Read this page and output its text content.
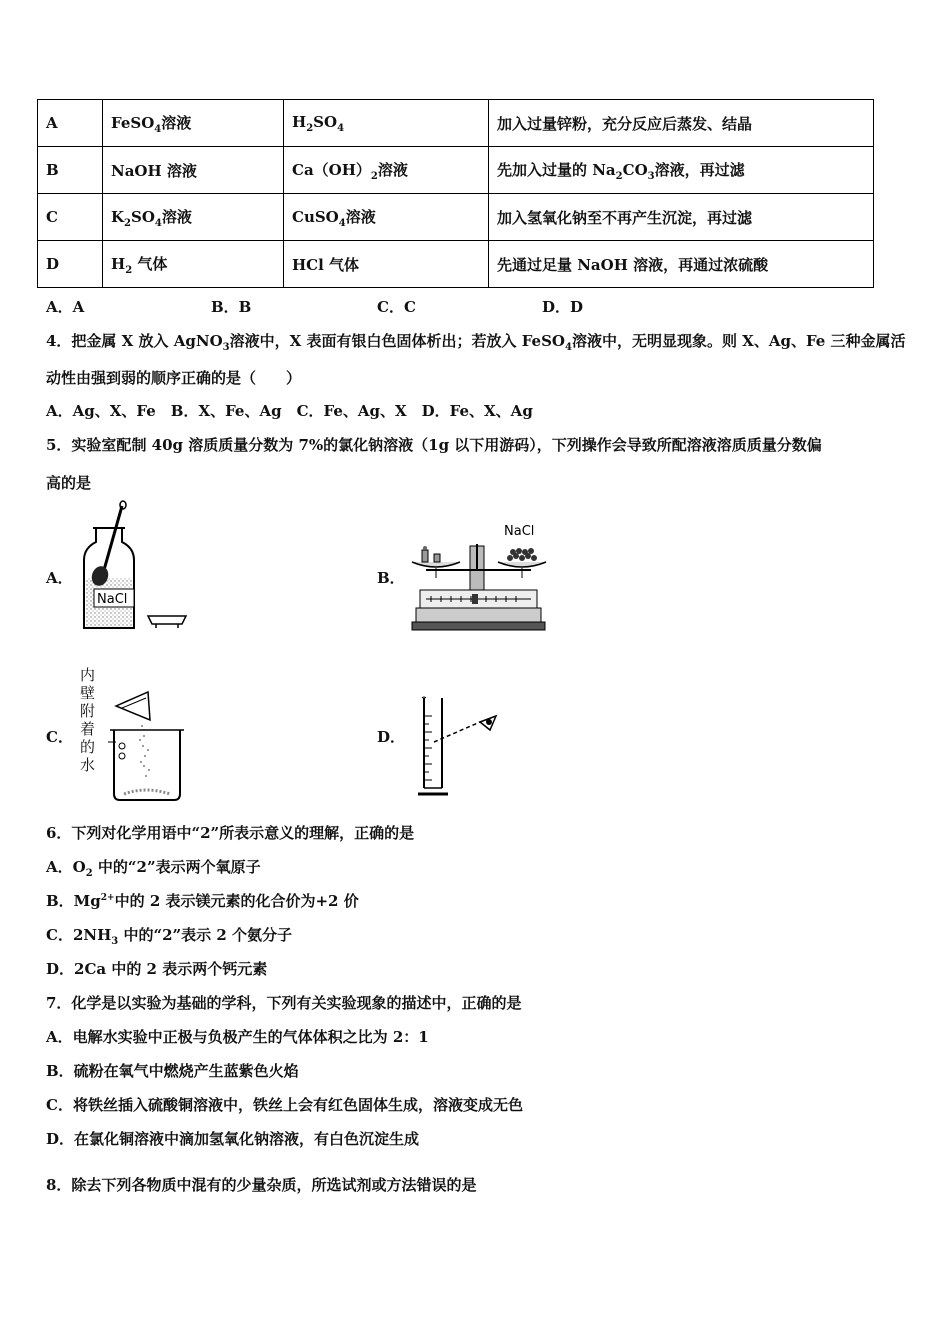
A	FeSO$_4$溶液	$H_2SO_4$	加入过量锌粉，充分反应后蒸发、结晶
B	NaOH 溶液	$Ca(OH)_2$溶液	先加入过量的 $Na_2CO_3$溶液，再过滤
C	$K_2SO_4$溶液	CuSO$_4$溶液	加入氢氧化钠至不再产生沉淀，再过滤
D	$H_2$ 气体	HCl 气体	先通过足量 NaOH 溶液，再通过浓硫酸
A．A	B．B	C．C	D．D
4．把金属 X 放入 AgNO$_3$溶液中，X 表面有银白色固体析出；若放入 FeSO$_4$溶液中，无明显现象。则 X、Ag、Fe 三种金属活
动性由强到弱的顺序正确的是（　　）
A．Ag、X、Fe　B．X、Fe、Ag　C．Fe、Ag、X　D．Fe、X、Ag
5．实验室配制 40g 溶质质量分数为 7%的氯化钠溶液（1g 以下用游码），下列操作会导致所配溶液溶质质量分数偏
高的是
A．	B．
C．	D．
NaCl
NaCl
内
壁
附
着
的
水
6．下列对化学用语中“2”所表示意义的理解，正确的是
A．$O_2$ 中的“2”表示两个氧原子
B．$Mg^{2+}$中的 2 表示镁元素的化合价为+2 价
C．$2NH_3$ 中的“2”表示 2 个氨分子
D．2Ca 中的 2 表示两个钙元素
7．化学是以实验为基础的学科，下列有关实验现象的描述中，正确的是
A．电解水实验中正极与负极产生的气体体积之比为 2：1
B．硫粉在氧气中燃烧产生蓝紫色火焰
C．将铁丝插入硫酸铜溶液中，铁丝上会有红色固体生成，溶液变成无色
D．在氯化铜溶液中滴加氢氧化钠溶液，有白色沉淀生成
8．除去下列各物质中混有的少量杂质，所选试剂或方法错误的是
